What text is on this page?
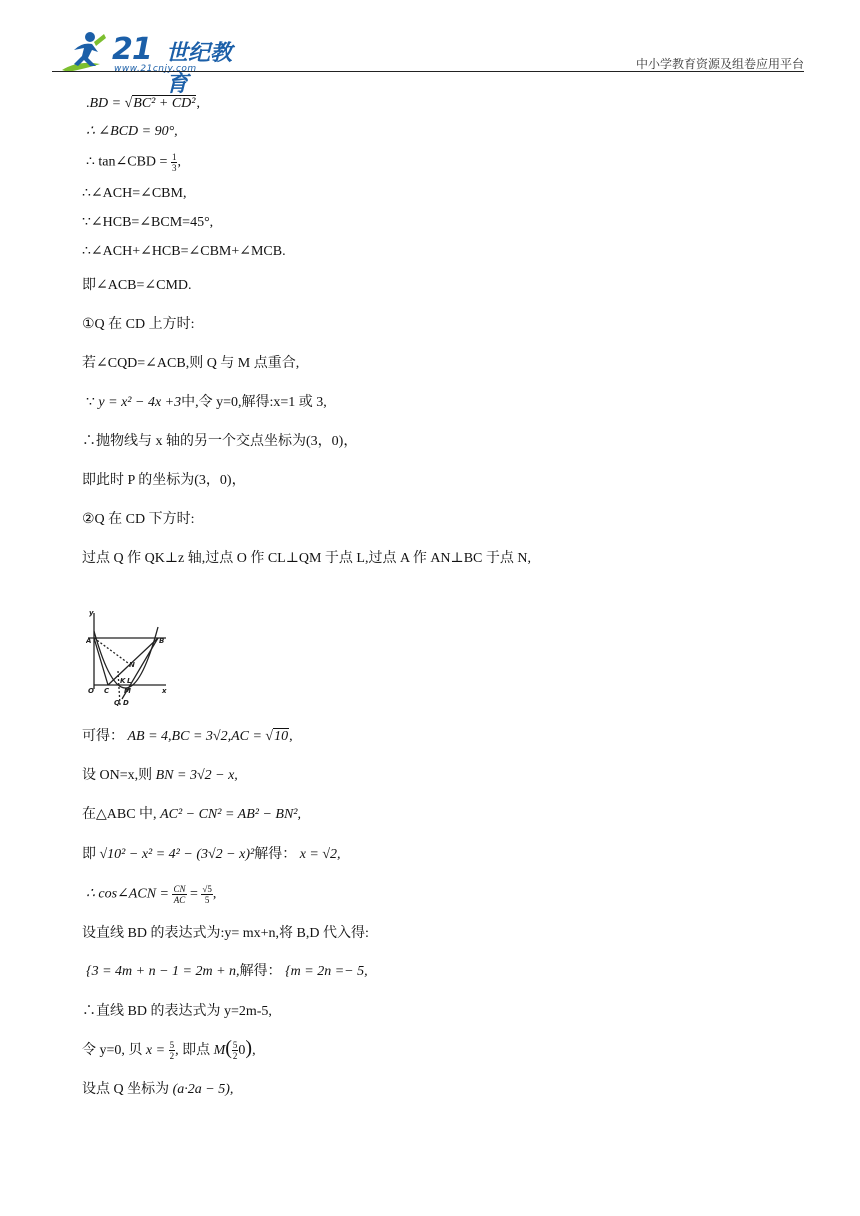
21 世纪教育
www.21cnjy.com	中小学教育资源及组卷应用平台
.BD = √BC² + CD²,
∴ ∠BCD = 90°,
∴ tan∠CBD = $\frac{1}{3}$ ,
∴∠ACH=∠CBM,
∵∠HCB=∠BCM=45°,
∴∠ACH+∠HCB=∠CBM+∠MCB.
即∠ACB=∠CMD.
①Q 在 CD 上方时:
若∠CQD=∠ACB,则 Q 与 M 点重合,
∵ y = x² − 4x +3中,令 y=0,解得:x=1 或 3,
∴抛物线与 x 轴的另一个交点坐标为(3，0)，
即此时 P 的坐标为(3，0)，
②Q 在 CD 下方时:
过点 Q 作 QK⊥z 轴,过点 O 作 CL⊥QM 于点 L,过点 A 作 AN⊥BC 于点 N,
y
x
A	B
O C
N
K L
M
Q D
可得： AB = 4,BC = 3√2,AC = √10,
设 ON=x,则 BN = 3√2 − x,
在△ABC 中, AC² − CN² = AB² − BN²,
即 √10² − x² = 4² − (3√2 − x)²解得： x = √2,
∴ cos∠ACN = $\frac{CN}{AC} = \frac{√5}{5}$ ,
设直线 BD 的表达式为:y= mx+n,将 B,D 代入得:
{3 = 4m + n − 1 = 2m + n,解得： {m = 2n =− 5,
∴直线 BD 的表达式为 y=2m-5,
令 y=0, 贝 $x = \frac{5}{2}$ , 即点 $M( \frac{5}{2} 0)$,
设点 Q 坐标为 (a·2a − 5),
